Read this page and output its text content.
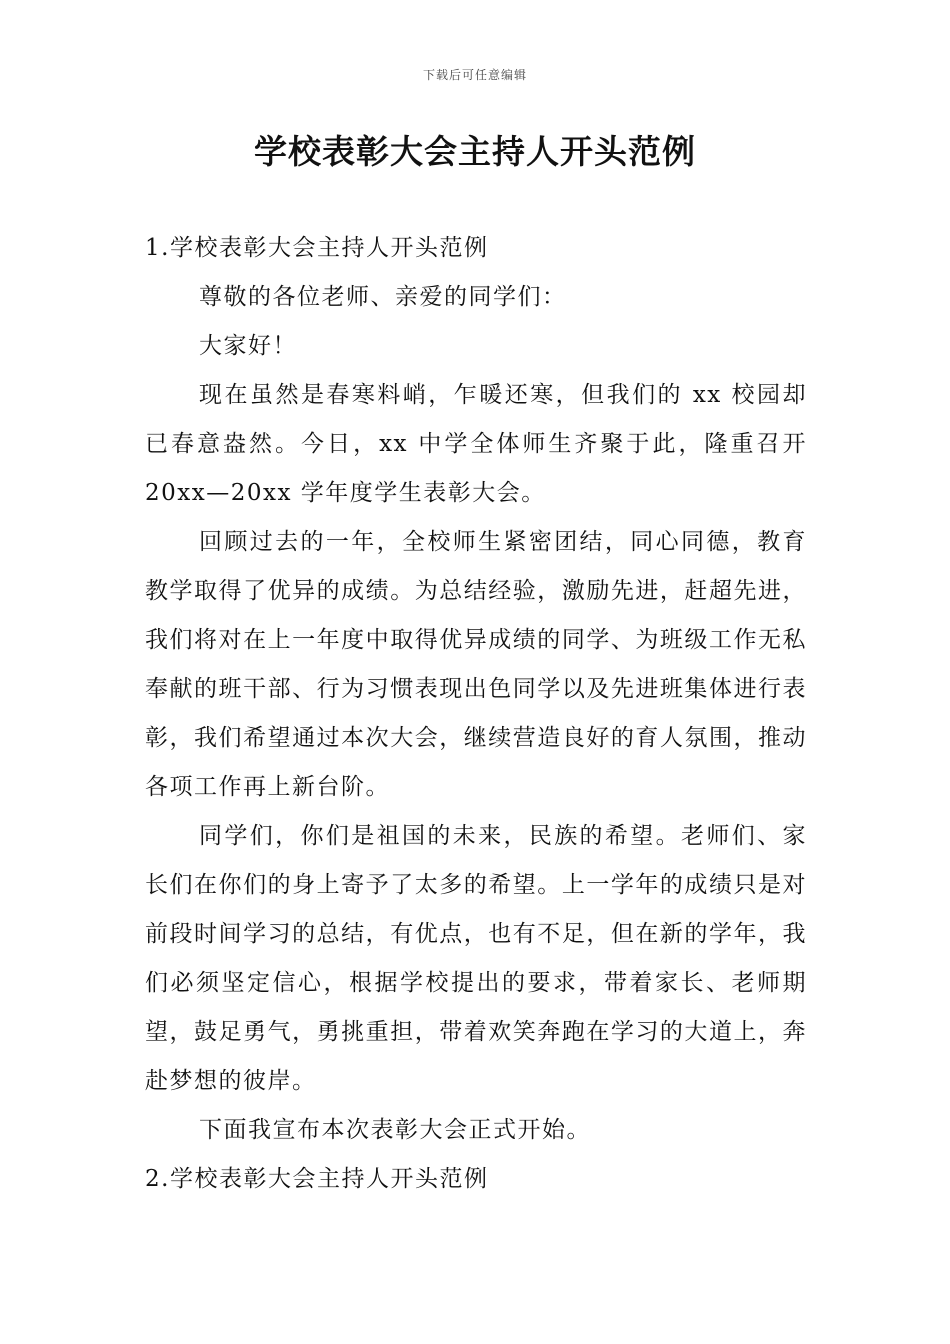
下载后可任意编辑
学校表彰大会主持人开头范例

1.学校表彰大会主持人开头范例

尊敬的各位老师、亲爱的同学们：

大家好！

现在虽然是春寒料峭，乍暖还寒，但我们的 xx 校园却已春意盎然。今日，xx 中学全体师生齐聚于此，隆重召开 20xx—20xx 学年度学生表彰大会。

回顾过去的一年，全校师生紧密团结，同心同德，教育教学取得了优异的成绩。为总结经验，激励先进，赶超先进，我们将对在上一年度中取得优异成绩的同学、为班级工作无私奉献的班干部、行为习惯表现出色同学以及先进班集体进行表彰，我们希望通过本次大会，继续营造良好的育人氛围，推动各项工作再上新台阶。

同学们，你们是祖国的未来，民族的希望。老师们、家长们在你们的身上寄予了太多的希望。上一学年的成绩只是对前段时间学习的总结，有优点，也有不足，但在新的学年，我们必须坚定信心，根据学校提出的要求，带着家长、老师期望，鼓足勇气，勇挑重担，带着欢笑奔跑在学习的大道上，奔赴梦想的彼岸。

下面我宣布本次表彰大会正式开始。

2.学校表彰大会主持人开头范例
